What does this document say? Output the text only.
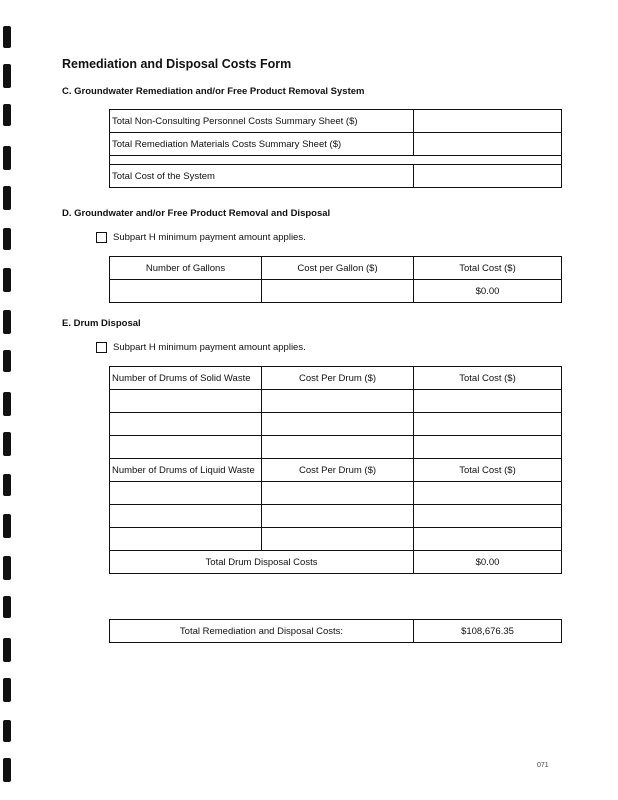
Remediation and Disposal Costs Form
C. Groundwater Remediation and/or Free Product Removal System
Total Non-Consulting Personnel Costs Summary Sheet ($)	
Total Remediation Materials Costs Summary Sheet ($)	

Total Cost of the System	
D. Groundwater and/or Free Product Removal and Disposal
Subpart H minimum payment amount applies.
Number of Gallons	Cost per Gallon ($)	Total Cost ($)
		$0.00
E. Drum Disposal
Subpart H minimum payment amount applies.
Number of Drums of Solid Waste	Cost Per Drum ($)	Total Cost ($)

Number of Drums of Liquid Waste	Cost Per Drum ($)	Total Cost ($)

Total Drum Disposal Costs		$0.00
Total Remediation and Disposal Costs:	$108,676.35
071
